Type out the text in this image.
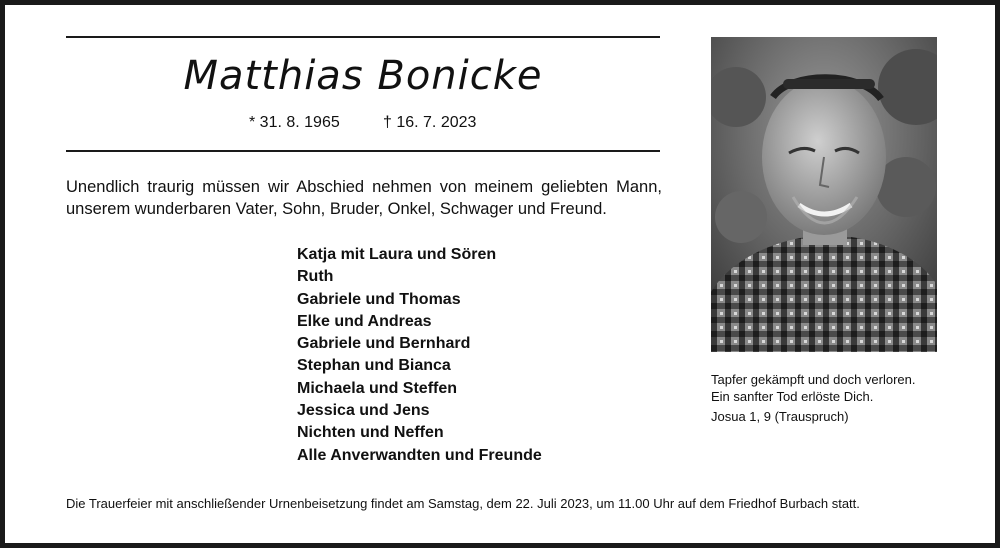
Matthias Bonicke
* 31. 8. 1965	† 16. 7. 2023
Unendlich traurig müssen wir Abschied nehmen von meinem geliebten Mann, unserem wunderbaren Vater, Sohn, Bruder, Onkel, Schwager und Freund.
Katja mit Laura und Sören
Ruth
Gabriele und Thomas
Elke und Andreas
Gabriele und Bernhard
Stephan und Bianca
Michaela und Steffen
Jessica und Jens
Nichten und Neffen
Alle Anverwandten und Freunde
Tapfer gekämpft und doch verloren.
Ein sanfter Tod erlöste Dich.
Josua 1, 9 (Trauspruch)
Die Trauerfeier mit anschließender Urnenbeisetzung findet am Samstag, dem 22. Juli 2023, um 11.00 Uhr auf dem Friedhof Burbach statt.
